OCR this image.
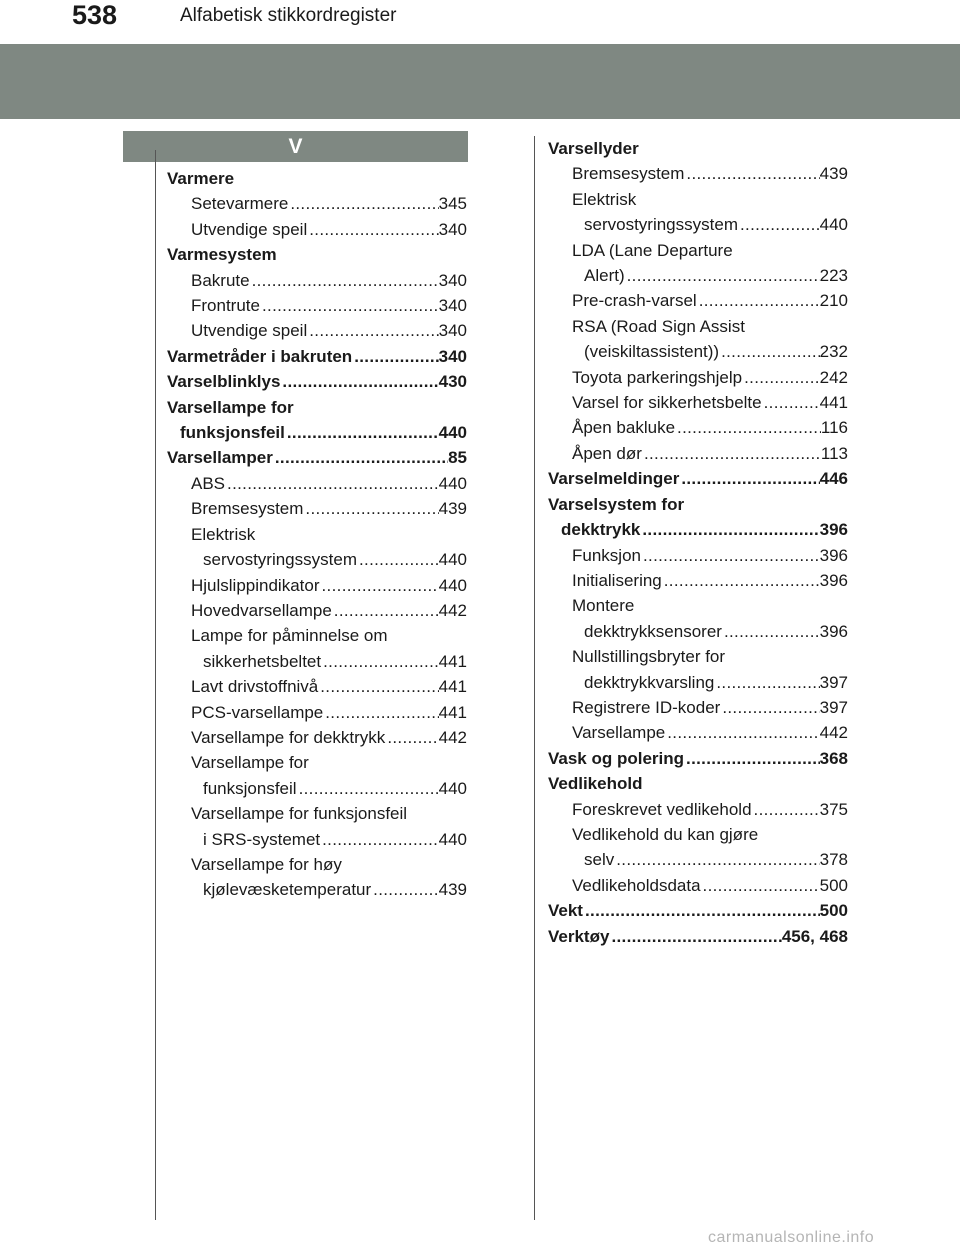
538	Alfabetisk stikkordregister
V
Varmere
Setevarmere . . .	345
Utvendige speil . . .	340
Varmesystem
Bakrute . . .	340
Frontrute . . .	340
Utvendige speil . . .	340
Varmetråder i bakruten . . .	340
Varselblinklys . . .	430
Varsellampe for
funksjonsfeil . . .	440
Varsellamper . . .	85
ABS . . .	440
Bremsesystem . . .	439
Elektrisk
servostyringssystem . . .	440
Hjulslippindikator . . .	440
Hovedvarsellampe . . .	442
Lampe for påminnelse om
sikkerhetsbeltet . . .	441
Lavt drivstoffnivå . . .	441
PCS-varsellampe . . .	441
Varsellampe for dekktrykk . . .	442
Varsellampe for
funksjonsfeil . . .	440
Varsellampe for funksjonsfeil
i SRS-systemet . . .	440
Varsellampe for høy
kjølevæsketemperatur . . .	439
Varsellyder
Bremsesystem . . .	439
Elektrisk
servostyringssystem . . .	440
LDA (Lane Departure
Alert) . . .	223
Pre-crash-varsel . . .	210
RSA (Road Sign Assist
(veiskiltassistent)) . . .	232
Toyota parkeringshjelp . . .	242
Varsel for sikkerhetsbelte . . .	441
Åpen bakluke . . .	116
Åpen dør . . .	113
Varselmeldinger . . .	446
Varselsystem for
dekktrykk . . .	396
Funksjon . . .	396
Initialisering . . .	396
Montere
dekktrykksensorer . . .	396
Nullstillingsbryter for
dekktrykkvarsling . . .	397
Registrere ID-koder . . .	397
Varsellampe . . .	442
Vask og polering . . .	368
Vedlikehold
Foreskrevet vedlikehold . . .	375
Vedlikehold du kan gjøre
selv . . .	378
Vedlikeholdsdata . . .	500
Vekt . . .	500
Verktøy . . .	456, 468
carmanualsonline.info
